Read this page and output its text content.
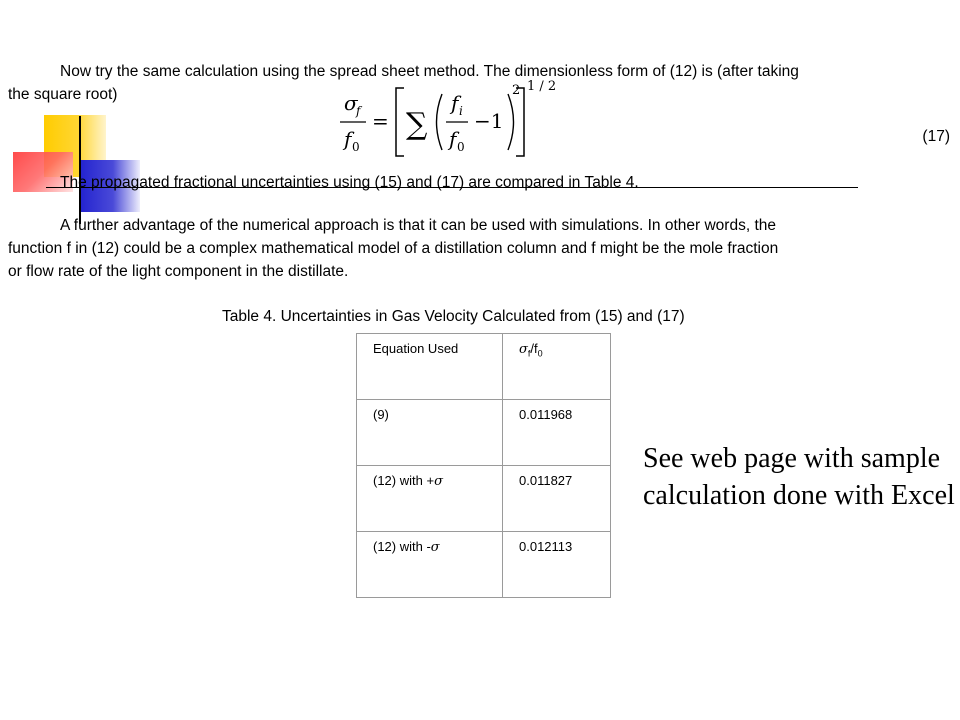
Now try the same calculation using the spread sheet method. The dimensionless form of (12) is (after taking
the square root)	σ
f
f 0
= ∑
f i
f 0
−1
2 1 / 2
(17)
The propagated fractional uncertainties using (15) and (17) are compared in Table 4.
A further advantage of the numerical approach is that it can be used with simulations. In other words, the
function f in (12) could be a complex mathematical model of a distillation column and f might be the mole fraction
or flow rate of the light component in the distillate.
Table 4. Uncertainties in Gas Velocity Calculated from (15) and (17)
Equation Used	$\sigma_f/f_0$
(9)	0.011968
(12) with +σ	0.011827
(12) with -σ	0.012113
See web page with sample calculation done with Excel
